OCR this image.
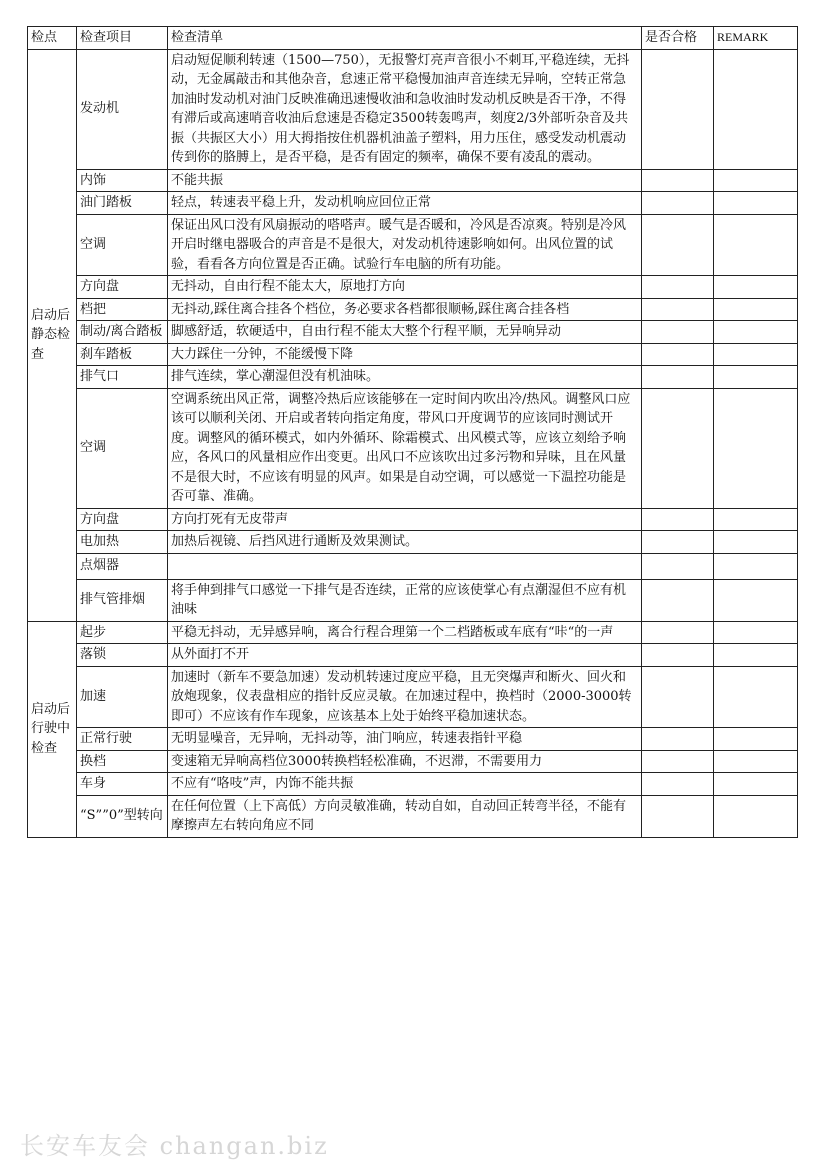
检点	检查项目	检查清单	是否合格	REMARK
启动后静态检查	发动机	启动短促顺利转速（1500—750），无报警灯亮声音很小不刺耳,平稳连续，无抖动，无金属敲击和其他杂音，怠速正常平稳慢加油声音连续无异响，空转正常急加油时发动机对油门反映准确迅速慢收油和急收油时发动机反映是否干净，不得有滞后或高速哨音收油后怠速是否稳定3500转轰鸣声，刻度2/3外部听杂音及共振（共振区大小）用大拇指按住机器机油盖子塑料，用力压住，感受发动机震动传到你的胳膊上，是否平稳，是否有固定的频率，确保不要有凌乱的震动。		
	内饰	不能共振		
	油门踏板	轻点，转速表平稳上升，发动机响应回位正常		
	空调	保证出风口没有风扇振动的嗒嗒声。暖气是否暖和，冷风是否凉爽。特别是冷风开启时继电器吸合的声音是不是很大，对发动机待速影响如何。出风位置的试验，看看各方向位置是否正确。试验行车电脑的所有功能。		
	方向盘	无抖动，自由行程不能太大，原地打方向		
	档把	无抖动,踩住离合挂各个档位，务必要求各档都很顺畅,踩住离合挂各档		
	制动/离合踏板	脚感舒适，软硬适中，自由行程不能太大整个行程平顺，无异响异动		
	刹车踏板	大力踩住一分钟，不能缓慢下降		
	排气口	排气连续，掌心潮湿但没有机油味。		
	空调	空调系统出风正常，调整冷热后应该能够在一定时间内吹出冷/热风。调整风口应该可以顺利关闭、开启或者转向指定角度，带风口开度调节的应该同时测试开度。调整风的循环模式，如内外循环、除霜模式、出风模式等，应该立刻给予响应，各风口的风量相应作出变更。出风口不应该吹出过多污物和异味，且在风量不是很大时，不应该有明显的风声。如果是自动空调，可以感觉一下温控功能是否可靠、准确。		
	方向盘	方向打死有无皮带声		
	电加热	加热后视镜、后挡风进行通断及效果测试。		
	点烟器			
	排气管排烟	将手伸到排气口感觉一下排气是否连续，正常的应该使掌心有点潮湿但不应有机油味		
启动后行驶中检查	起步	平稳无抖动，无异感异响，离合行程合理第一个二档踏板或车底有“咔“的一声		
	落锁	从外面打不开		
	加速	加速时（新车不要急加速）发动机转速过度应平稳，且无突爆声和断火、回火和放炮现象，仪表盘相应的指针反应灵敏。在加速过程中，换档时（2000-3000转即可）不应该有作车现象，应该基本上处于始终平稳加速状态。		
	正常行驶	无明显噪音，无异响，无抖动等，油门响应，转速表指针平稳		
	换档	变速箱无异响高档位3000转换档轻松准确，不迟滞，不需要用力		
	车身	不应有“咯吱”声，内饰不能共振		
	“S””0”型转向	在任何位置（上下高低）方向灵敏准确，转动自如，自动回正转弯半径，不能有摩擦声左右转向角应不同		
长安车友会 changan.biz
